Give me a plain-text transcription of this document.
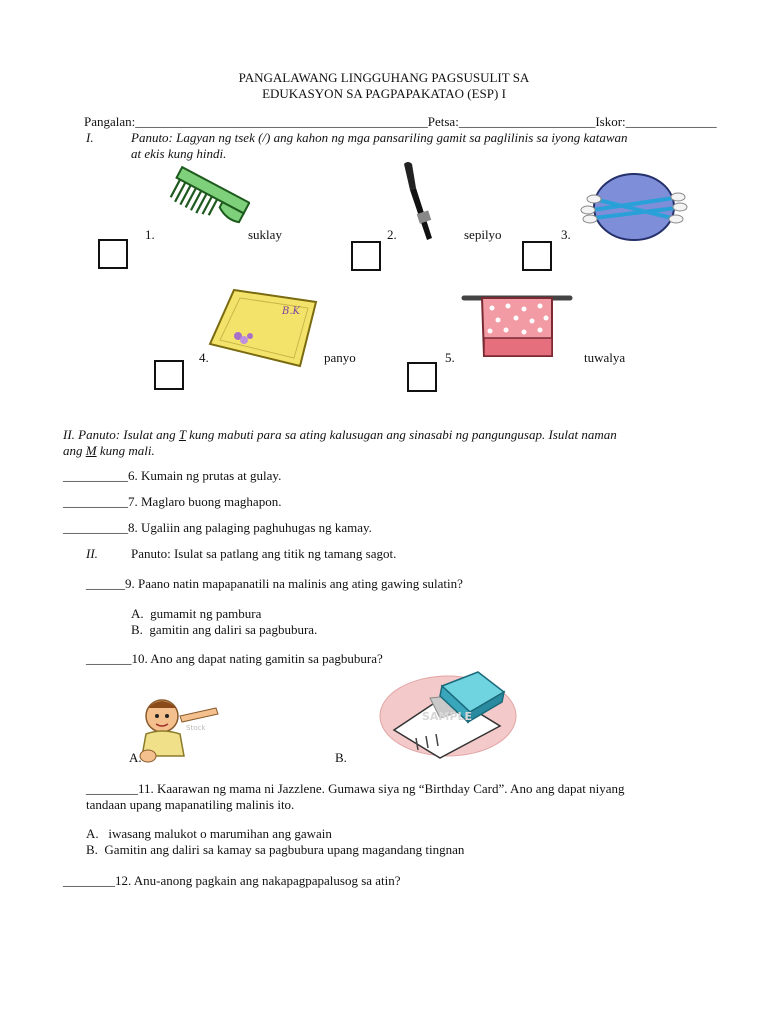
PANGALAWANG LINGGUHANG PAGSUSULIT SA
EDUKASYON SA PAGPAPAKATAO (ESP) I
Pangalan:_____________________________________________Petsa:_____________________Iskor:______________
I.	Panuto: Lagyan ng tsek (/) ang kahon ng mga pansariling gamit sa paglilinis sa iyong katawan
at ekis kung hindi.
1.	suklay	2.	sepilyo	3.
B.K
4.	panyo	5.	tuwalya
II. Panuto: Isulat ang T kung mabuti para sa ating kalusugan ang sinasabi ng pangungusap. Isulat naman
ang M kung mali.
__________6. Kumain ng prutas at gulay.
__________7. Maglaro buong maghapon.
__________8. Ugaliin ang palaging paghuhugas ng kamay.
II.	Panuto: Isulat sa patlang ang titik ng tamang sagot.
______9. Paano natin mapapanatili na malinis ang ating gawing sulatin?
A. gumamit ng pambura
B. gamitin ang daliri sa pagbubura.
_______10. Ano ang dapat nating gamitin sa pagbubura?
Stock
A.
SAMPLE
B.
________11. Kaarawan ng mama ni Jazzlene. Gumawa siya ng “Birthday Card”. Ano ang dapat niyang
tandaan upang mapanatiling malinis ito.
A. iwasang malukot o marumihan ang gawain
B. Gamitin ang daliri sa kamay sa pagbubura upang magandang tingnan
________12. Anu-anong pagkain ang nakapagpapalusog sa atin?
